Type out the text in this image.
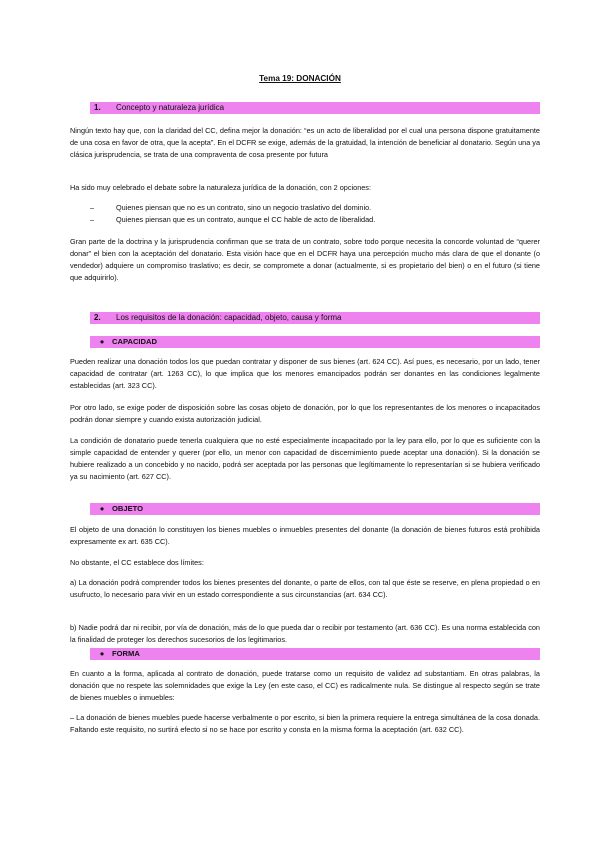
Tema 19: DONACIÓN
1. Concepto y naturaleza jurídica

Ningún texto hay que, con la claridad del CC, defina mejor la donación: “es un acto de liberalidad por el cual una persona dispone gratuitamente de una cosa en favor de otra, que la acepta”. En el DCFR se exige, además de la gratuidad, la intención de beneficiar al donatario. Según una ya clásica jurisprudencia, se trata de una compraventa de cosa presente por futura

Ha sido muy celebrado el debate sobre la naturaleza jurídica de la donación, con 2 opciones:

–	Quienes piensan que no es un contrato, sino un negocio traslativo del dominio.
–	Quienes piensan que es un contrato, aunque el CC hable de acto de liberalidad.

Gran parte de la doctrina y la jurisprudencia confirman que se trata de un contrato, sobre todo porque necesita la concorde voluntad de “querer donar” el bien con la aceptación del donatario. Esta visión hace que en el DCFR haya una percepción mucho más clara de que el donante (o vendedor) adquiere un compromiso traslativo; es decir, se compromete a donar (actualmente, si es propietario del bien) o en el futuro (si tiene que adquirirlo).

2. Los requisitos de la donación: capacidad, objeto, causa y forma
● CAPACIDAD

Pueden realizar una donación todos los que puedan contratar y disponer de sus bienes (art. 624 CC). Así pues, es necesario, por un lado, tener capacidad de contratar (art. 1263 CC), lo que implica que los menores emancipados podrán ser donantes en las condiciones legalmente establecidas (art. 323 CC).

Por otro lado, se exige poder de disposición sobre las cosas objeto de donación, por lo que los representantes de los menores o incapacitados podrán donar siempre y cuando exista autorización judicial.

La condición de donatario puede tenerla cualquiera que no esté especialmente incapacitado por la ley para ello, por lo que es suficiente con la simple capacidad de entender y querer (por ello, un menor con capacidad de discernimiento puede aceptar una donación). Si la donación se hubiere realizado a un concebido y no nacido, podrá ser aceptada por las personas que legítimamente lo representarían si se hubiera verificado ya su nacimiento (art. 627 CC).

● OBJETO

El objeto de una donación lo constituyen los bienes muebles o inmuebles presentes del donante (la donación de bienes futuros está prohibida expresamente ex art. 635 CC).

No obstante, el CC establece dos límites:

a) La donación podrá comprender todos los bienes presentes del donante, o parte de ellos, con tal que éste se reserve, en plena propiedad o en usufructo, lo necesario para vivir en un estado correspondiente a sus circunstancias (art. 634 CC).

b) Nadie podrá dar ni recibir, por vía de donación, más de lo que pueda dar o recibir por testamento (art. 636 CC). Es una norma establecida con la finalidad de proteger los derechos sucesorios de los legitimarios.

● FORMA

En cuanto a la forma, aplicada al contrato de donación, puede tratarse como un requisito de validez ad substantiam. En otras palabras, la donación que no respete las solemnidades que exige la Ley (en este caso, el CC) es radicalmente nula. Se distingue al respecto según se trate de bienes muebles o inmuebles:

– La donación de bienes muebles puede hacerse verbalmente o por escrito, si bien la primera requiere la entrega simultánea de la cosa donada. Faltando este requisito, no surtirá efecto si no se hace por escrito y consta en la misma forma la aceptación (art. 632 CC).
